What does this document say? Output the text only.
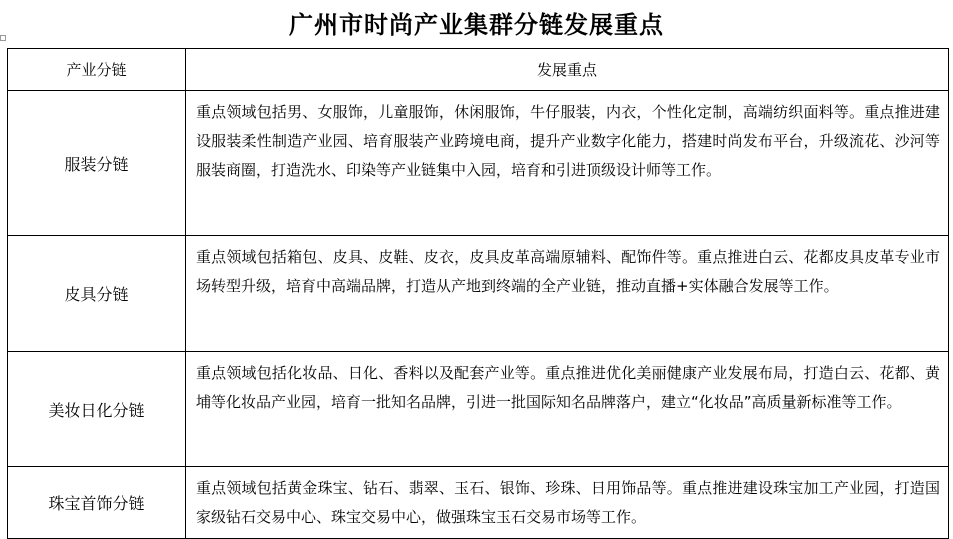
广州市时尚产业集群分链发展重点
产业分链	发展重点
服装分链	重点领域包括男、女服饰，儿童服饰，休闲服饰，牛仔服装，内衣，个性化定制，高端纺织面料等。重点推进建设服装柔性制造产业园、培育服装产业跨境电商，提升产业数字化能力，搭建时尚发布平台，升级流花、沙河等服装商圈，打造洗水、印染等产业链集中入园，培育和引进顶级设计师等工作。
皮具分链	重点领域包括箱包、皮具、皮鞋、皮衣，皮具皮革高端原辅料、配饰件等。重点推进白云、花都皮具皮革专业市场转型升级，培育中高端品牌，打造从产地到终端的全产业链，推动直播+实体融合发展等工作。
美妆日化分链	重点领域包括化妆品、日化、香料以及配套产业等。重点推进优化美丽健康产业发展布局，打造白云、花都、黄埔等化妆品产业园，培育一批知名品牌，引进一批国际知名品牌落户，建立“化妆品”高质量新标准等工作。
珠宝首饰分链	重点领域包括黄金珠宝、钻石、翡翠、玉石、银饰、珍珠、日用饰品等。重点推进建设珠宝加工产业园，打造国家级钻石交易中心、珠宝交易中心，做强珠宝玉石交易市场等工作。
